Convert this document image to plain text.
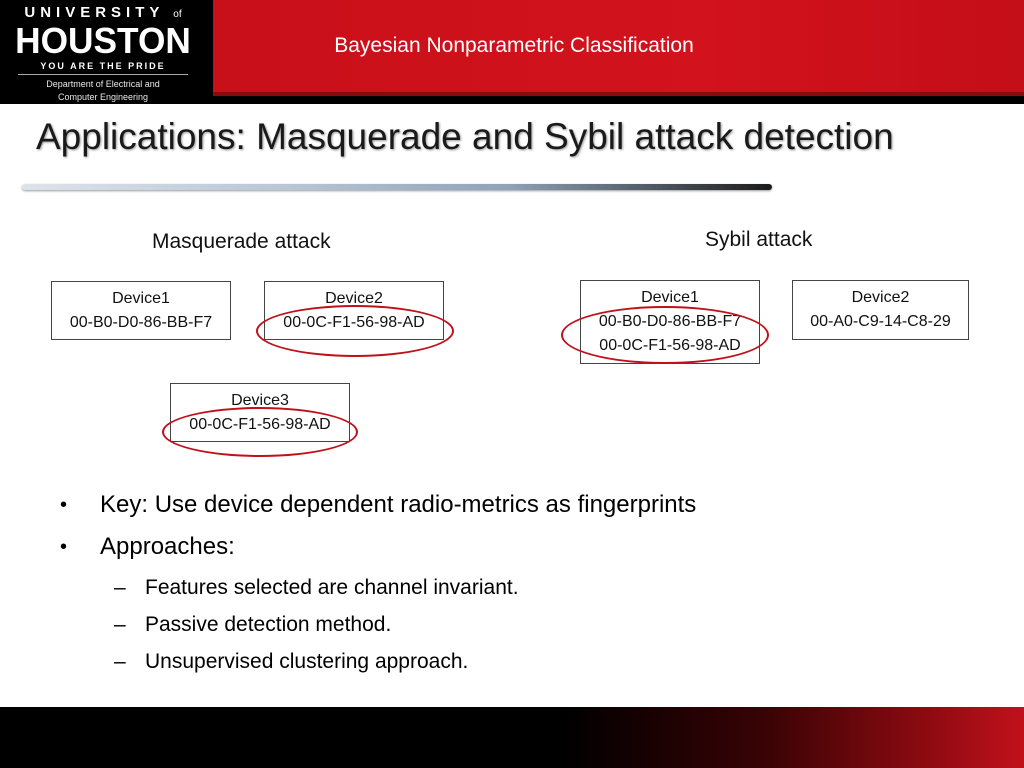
Bayesian Nonparametric Classification
UNIVERSITY of
HOUSTON
YOU ARE THE PRIDE
Department of Electrical and
Computer Engineering
Applications: Masquerade and Sybil attack detection
Masquerade attack
Device1
00-B0-D0-86-BB-F7
Device2
00-0C-F1-56-98-AD
Device3
00-0C-F1-56-98-AD
Sybil attack
Device1
00-B0-D0-86-BB-F7
00-0C-F1-56-98-AD
Device2
00-A0-C9-14-C8-29
• Key: Use device dependent radio-metrics as fingerprints
• Approaches:
– Features selected are channel invariant.
– Passive detection method.
– Unsupervised clustering approach.
